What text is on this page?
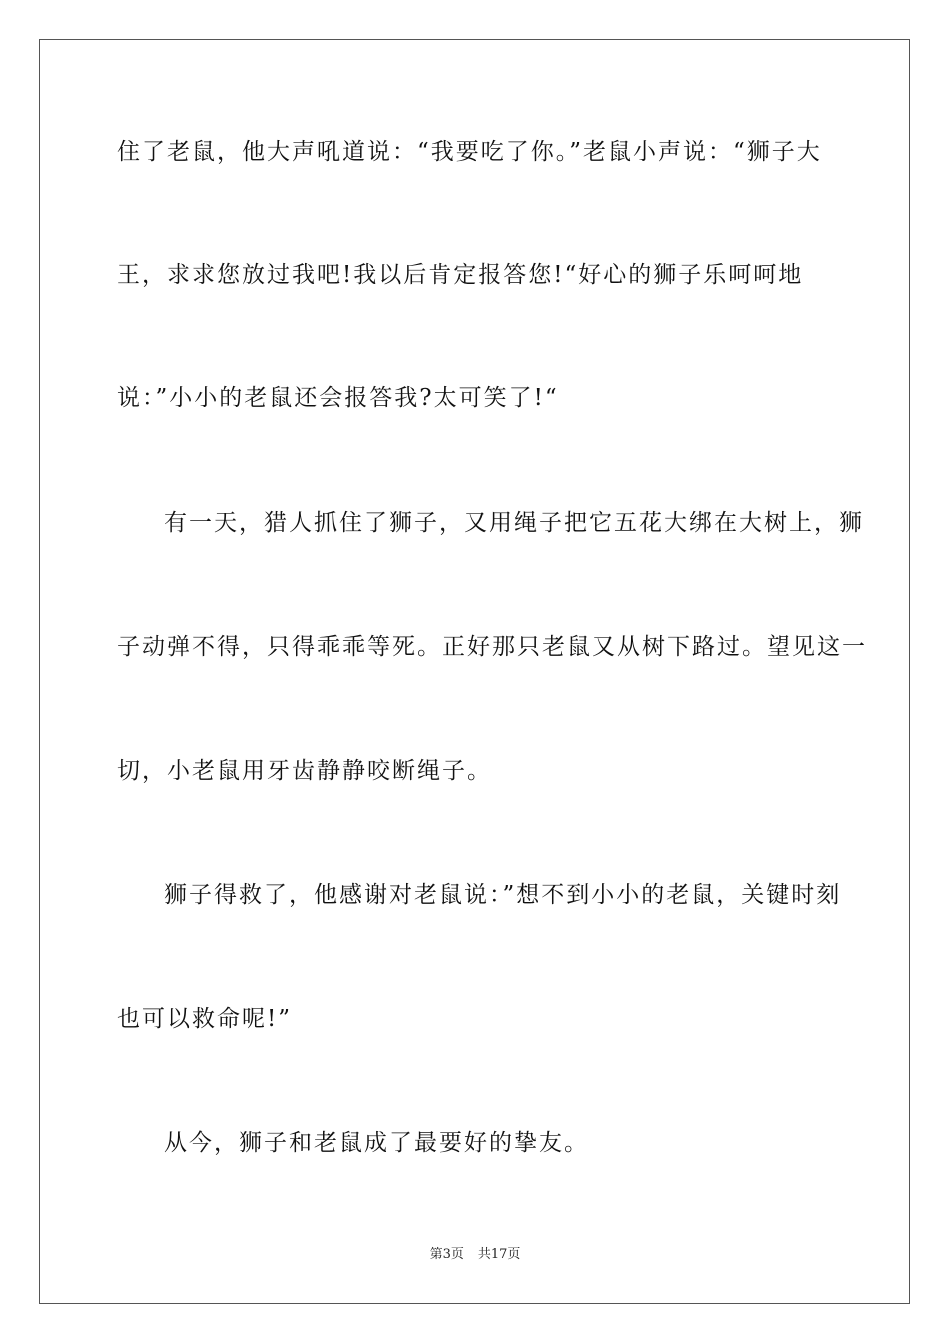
住了老鼠，他大声吼道说：“我要吃了你。”老鼠小声说：“狮子大
王，求求您放过我吧!我以后肯定报答您!“好心的狮子乐呵呵地
说：”小小的老鼠还会报答我?太可笑了!“
有一天，猎人抓住了狮子，又用绳子把它五花大绑在大树上，狮
子动弹不得，只得乖乖等死。正好那只老鼠又从树下路过。望见这一
切，小老鼠用牙齿静静咬断绳子。
狮子得救了，他感谢对老鼠说：”想不到小小的老鼠，关键时刻
也可以救命呢!”
从今，狮子和老鼠成了最要好的挚友。
第3页 共17页
